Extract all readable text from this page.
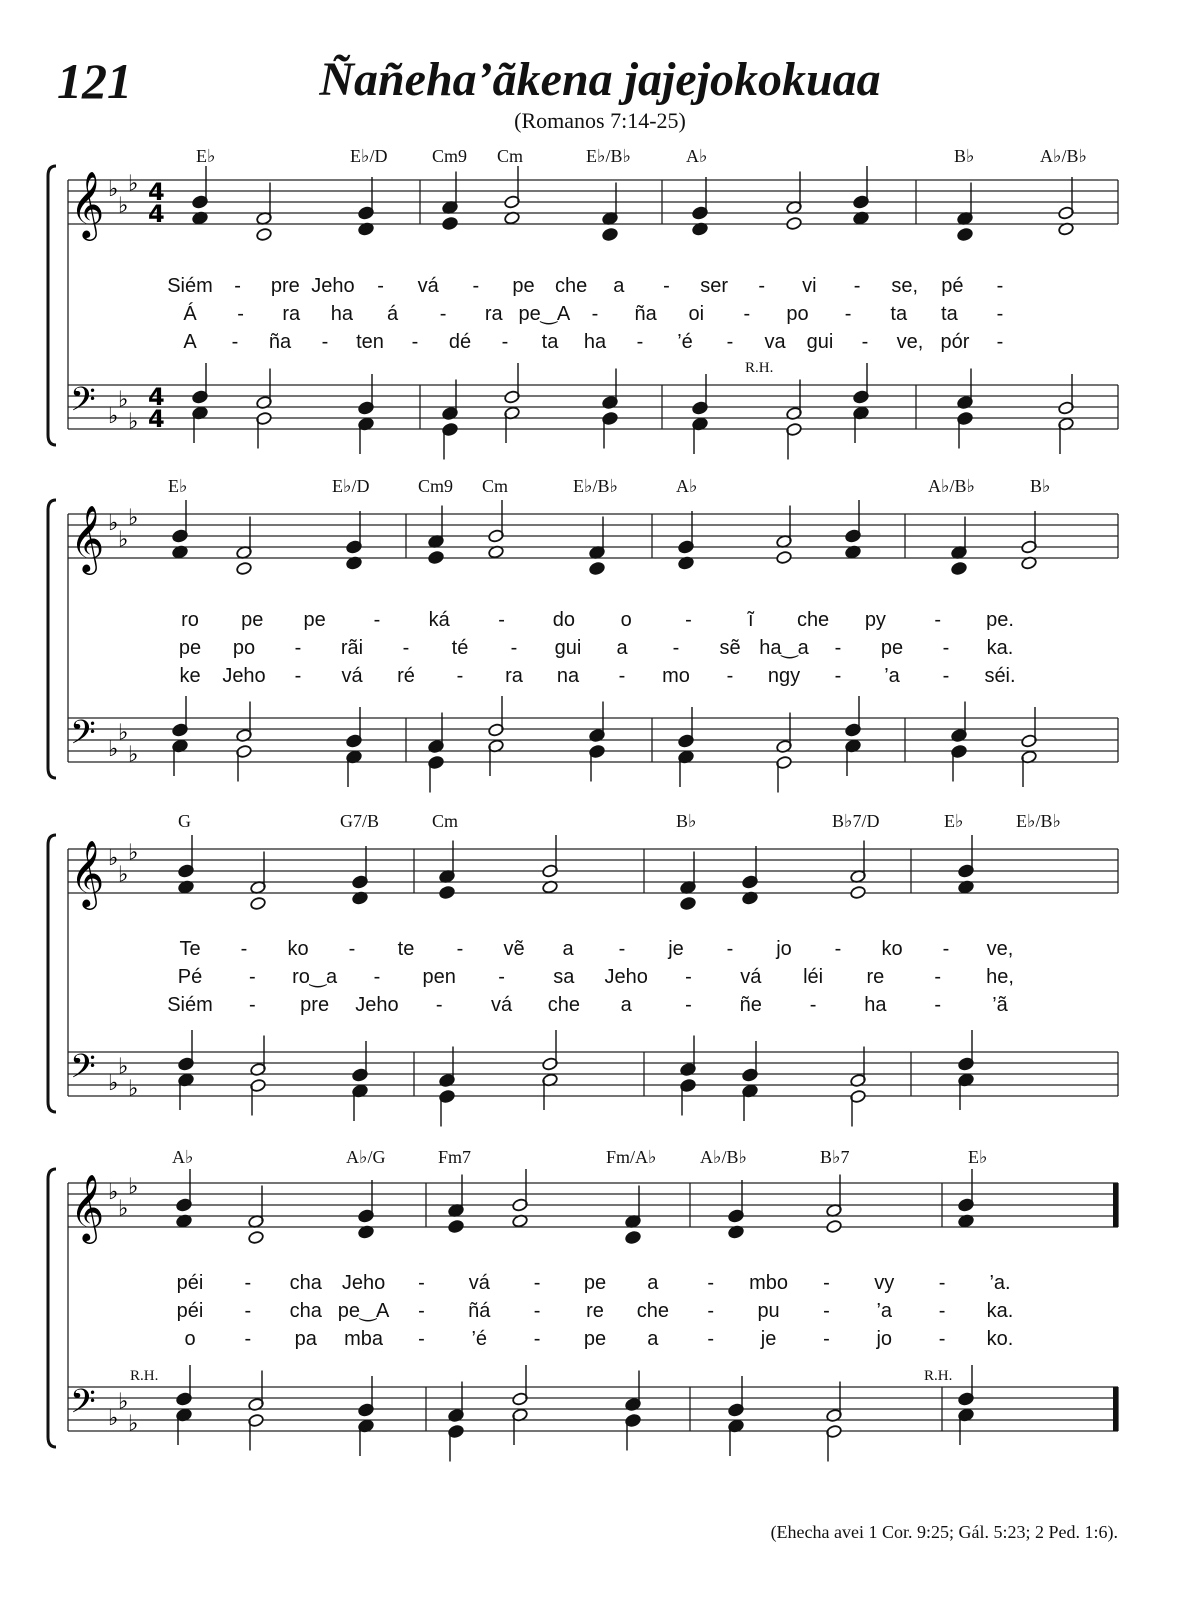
121	Ñañeha’ãkena jajejokokuaa
(Romanos 7:14-25)
𝄞 ♭
♭
♭ 4
4
𝄢 ♭
♭
♭
4
4
E♭	E♭/D Cm9 Cm	E♭/B♭	A♭	B♭	A♭/B♭
R.H.
Siém - pre Jeho - vá - pe che a - ser - vi - se, pé -
Á - ra ha á - ra pe‿A - ña oi - po - ta ta -
A - ña - ten - dé - ta ha - ’é - va gui - ve, pór -
𝄞 ♭
♭
♭
𝄢 ♭
♭
♭
E♭	E♭/D	Cm9 Cm	E♭/B♭	A♭	A♭/B♭	B♭
ro pe pe - ká - do o	-	ĩ che py - pe.
pe po - rãi - té - gui a - sẽ ha‿a - pe - ka.
ke Jeho - vá ré - ra na - mo - ngy - ’a - séi.
𝄞 ♭
♭
♭
𝄢 ♭
♭
♭
G	G7/B	Cm	B♭	B♭7/D	E♭	E♭/B♭
Te - ko - te - vẽ a - je - jo - ko - ve,
Pé - ro‿a - pen - sa Jeho - vá léi re	- he,
Siém - pre Jeho - vá che a	- ñe - ha -	’ã
𝄞 ♭
♭
♭
𝄢 ♭
♭
♭
A♭	A♭/G	Fm7	Fm/A♭ A♭/B♭	B♭7	E♭
R.H.	R.H.
péi - cha Jeho - vá - pe a - mbo - vy - ’a.
péi - cha pe‿A - ñá - re che - pu - ’a - ka.
o - pa mba - ’é - pe a - je - jo - ko.
(Ehecha avei 1 Cor. 9:25; Gál. 5:23; 2 Ped. 1:6).
